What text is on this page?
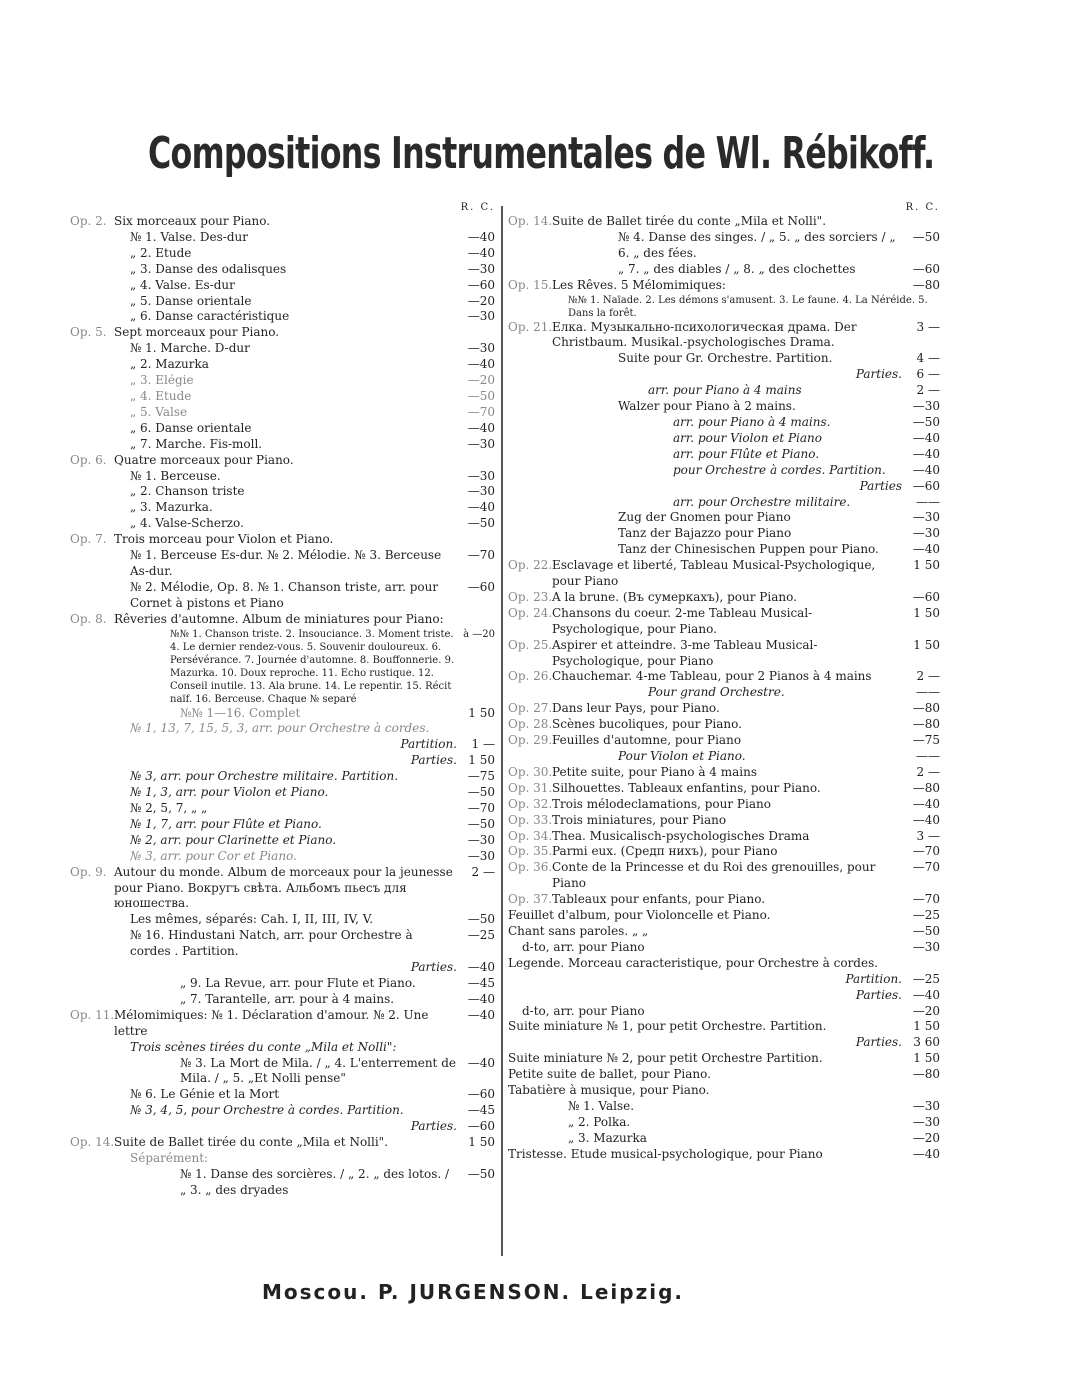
Compositions Instrumentales de Wl. Rébikoff.
R. C.
Op. 2. Six morceaux pour Piano.
№ 1. Valse. Des-dur	—40
„ 2. Etude	—40
„ 3. Danse des odalisques	—30
„ 4. Valse. Es-dur	—60
„ 5. Danse orientale	—20
„ 6. Danse caractéristique	—30
Op. 5. Sept morceaux pour Piano.
№ 1. Marche. D-dur	—30
„ 2. Mazurka	—40
„ 3. Elégie	—20
„ 4. Etude	—50
„ 5. Valse	—70
„ 6. Danse orientale	—40
„ 7. Marche. Fis-moll.	—30
Op. 6. Quatre morceaux pour Piano.
№ 1. Berceuse.	—30
„ 2. Chanson triste	—30
„ 3. Mazurka.	—40
„ 4. Valse-Scherzo.	—50
Op. 7. Trois morceau pour Violon et Piano.
№ 1. Berceuse Es-dur. № 2. Mélodie. № 3. Berceuse As-dur.
—70
№ 2. Mélodie, Op. 8. № 1. Chanson triste, arr. pour Cornet à pistons et Piano
—60
Op. 8. Rêveries d'automne. Album de miniatures pour Piano:
№№ 1. Chanson triste. 2. Insouciance. 3. Moment triste. 4. Le dernier rendez-vous. 5. Souvenir douloureux. 6. Persévérance. 7. Journée d'automne. 8. Bouffonnerie. 9. Mazurka. 10. Doux reproche. 11. Echo rustique. 12. Conseil inutile. 13. Ala brune. 14. Le repentir. 15. Récit naïf. 16. Berceuse. Chaque № separé
à —20
№№ 1—16. Complet	1 50
№ 1, 13, 7, 15, 5, 3, arr. pour Orchestre à cordes.
Partition.	1 —
Parties. 1 50
№ 3, arr. pour Orchestre militaire. Partition.	—75
№ 1, 3, arr. pour Violon et Piano.	—50
№ 2, 5, 7, „ „	—70
№ 1, 7, arr. pour Flûte et Piano.	—50
№ 2, arr. pour Clarinette et Piano.	—30
№ 3, arr. pour Cor et Piano.	—30
Op. 9. Autour du monde. Album de morceaux pour la jeunesse pour Piano. Вокругъ свѣта. Альбомъ пьесъ для юношества.
2 —
Les mêmes, séparés: Cah. I, II, III, IV, V.	—50
№ 16. Hindustani Natch, arr. pour Orchestre à cordes . Partition.
—25
Parties. —40
„ 9. La Revue, arr. pour Flute et Piano.	—45
„ 7. Tarantelle, arr. pour à 4 mains.	—40
Op. 11. Mélomimiques: № 1. Déclaration d'amour. № 2. Une lettre
—40
Trois scènes tirées du conte „Mila et Nolli":
№ 3. La Mort de Mila. / „ 4. L'enterrement de Mila. / „ 5. „Et Nolli pense"
—40
№ 6. Le Génie et la Mort	—60
№ 3, 4, 5, pour Orchestre à cordes. Partition.	—45
Parties. —60
Op. 14. Suite de Ballet tirée du conte „Mila et Nolli".	1 50
Séparément:
№ 1. Danse des sorcières. / „ 2. „ des lotos. / „ 3. „ des dryades
—50
R. C.
Op. 14. Suite de Ballet tirée du conte „Mila et Nolli".
№ 4. Danse des singes. / „ 5. „ des sorciers / „ 6. „ des fées.
—50
„ 7. „ des diables / „ 8. „ des clochettes	—60
Op. 15. Les Rêves. 5 Mélomimiques:	—80
№№ 1. Naïade. 2. Les démons s'amusent. 3. Le faune. 4. La Néréide. 5. Dans la forêt.
Op. 21. Елка. Музыкально-психологическая драма. Der Christbaum. Musikal.-psychologisches Drama.
3 —
Suite pour Gr. Orchestre. Partition.	4 —
Parties.	6 —
arr. pour Piano à 4 mains	2 —
Walzer pour Piano à 2 mains.	—30
arr. pour Piano à 4 mains.	—50
arr. pour Violon et Piano	—40
arr. pour Flûte et Piano.	—40
pour Orchestre à cordes. Partition.	—40
Parties —60
arr. pour Orchestre militaire.	——
Zug der Gnomen pour Piano	—30
Tanz der Bajazzo pour Piano	—30
Tanz der Chinesischen Puppen pour Piano.	—40
Op. 22. Esclavage et liberté, Tableau Musical-Psychologique, pour Piano
1 50
Op. 23. A la brune. (Въ сумеркахъ), pour Piano.	—60
Op. 24. Chansons du coeur. 2-me Tableau Musical-Psychologique, pour Piano.
1 50
Op. 25. Aspirer et atteindre. 3-me Tableau Musical-Psychologique, pour Piano
1 50
Op. 26. Chauchemar. 4-me Tableau, pour 2 Pianos à 4 mains	2 —
Pour grand Orchestre.	——
Op. 27. Dans leur Pays, pour Piano.	—80
Op. 28. Scènes bucoliques, pour Piano.	—80
Op. 29. Feuilles d'automne, pour Piano	—75
Pour Violon et Piano.	——
Op. 30. Petite suite, pour Piano à 4 mains	2 —
Op. 31. Silhouettes. Tableaux enfantins, pour Piano.	—80
Op. 32. Trois mélodeclamations, pour Piano	—40
Op. 33. Trois miniatures, pour Piano	—40
Op. 34. Thea. Musicalisch-psychologisches Drama	3 —
Op. 35. Parmi eux. (Средп нихъ), pour Piano	—70
Op. 36. Conte de la Princesse et du Roi des grenouilles, pour Piano
—70
Op. 37. Tableaux pour enfants, pour Piano.	—70
Feuillet d'album, pour Violoncelle et Piano.	—25
Chant sans paroles. „ „	—50
d-to, arr. pour Piano	—30
Legende. Morceau caracteristique, pour Orchestre à cordes.
Partition. —25
Parties. —40
d-to, arr. pour Piano	—20
Suite miniature № 1, pour petit Orchestre. Partition.	1 50
Parties. 3 60
Suite miniature № 2, pour petit Orchestre Partition.	1 50
Petite suite de ballet, pour Piano.	—80
Tabatière à musique, pour Piano.
№ 1. Valse.	—30
„ 2. Polka.	—30
„ 3. Mazurka	—20
Tristesse. Etude musical-psychologique, pour Piano	—40
Moscou. P. JURGENSON. Leipzig.
